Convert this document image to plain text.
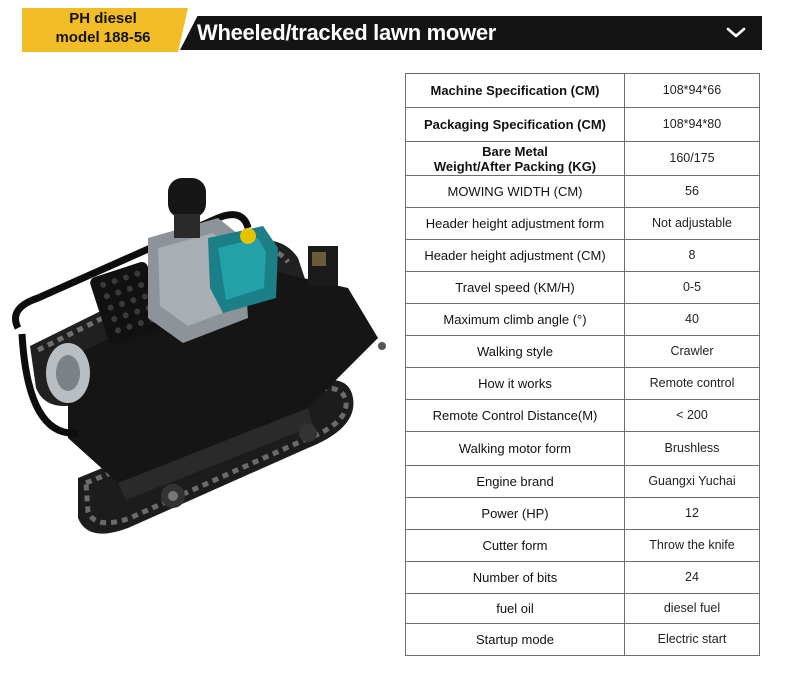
PH diesel
model 188-56	Wheeled/tracked lawn mower
Machine Specification (CM)	108*94*66
Packaging Specification (CM)	108*94*80

Bare Metal
Weight/After Packing (KG)	160/175
MOWING WIDTH (CM)	56
Header height adjustment form	Not adjustable
Header height adjustment (CM)	8
Travel speed (KM/H)	0-5
Maximum climb angle (°)	40
Walking style	Crawler
How it works	Remote control
Remote Control Distance(M)	< 200
Walking motor form	Brushless
Engine brand	Guangxi Yuchai
Power (HP)	12
Cutter form	Throw the knife
Number of bits	24
fuel oil	diesel fuel
Startup mode	Electric start
